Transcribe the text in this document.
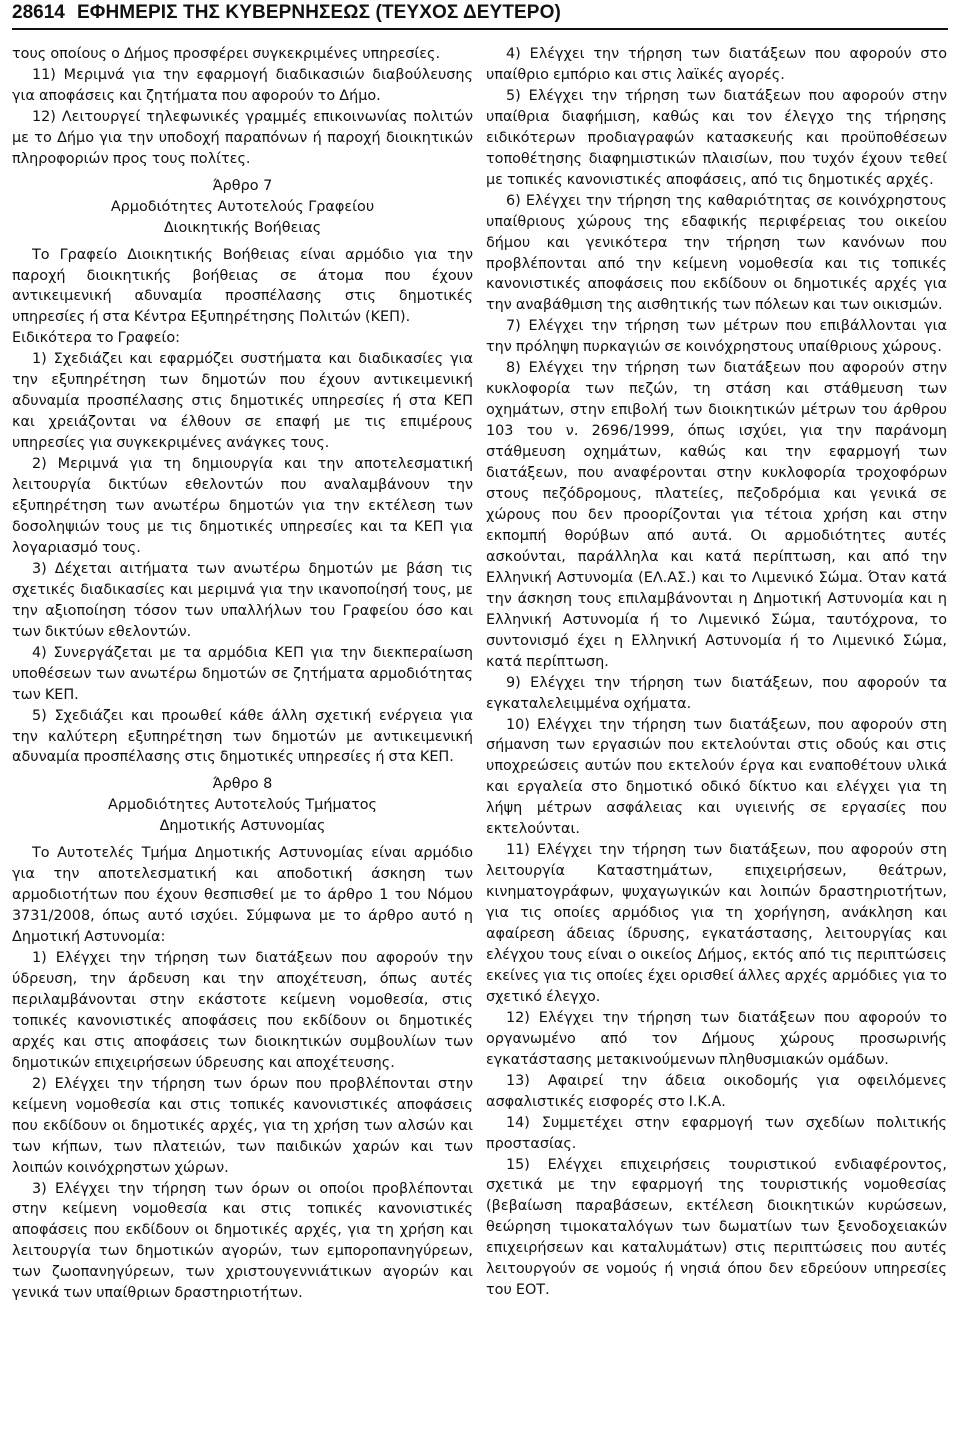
28614 ΕΦΗΜΕΡΙΣ ΤΗΣ ΚΥΒΕΡΝΗΣΕΩΣ (ΤΕΥΧΟΣ ΔΕΥΤΕΡΟ)

τους οποίους ο Δήμος προσφέρει συγκεκριμένες υπηρεσίες.

11) Μεριμνά για την εφαρμογή διαδικασιών διαβούλευσης για αποφάσεις και ζητήματα που αφορούν το Δήμο.

12) Λειτουργεί τηλεφωνικές γραμμές επικοινωνίας πολιτών με το Δήμο για την υποδοχή παραπόνων ή παροχή διοικητικών πληροφοριών προς τους πολίτες.

Άρθρο 7

Αρμοδιότητες Αυτοτελούς Γραφείου

Διοικητικής Βοήθειας

Το Γραφείο Διοικητικής Βοήθειας είναι αρμόδιο για την παροχή διοικητικής βοήθειας σε άτομα που έχουν αντικειμενική αδυναμία προσπέλασης στις δημοτικές υπηρεσίες ή στα Κέντρα Εξυπηρέτησης Πολιτών (ΚΕΠ).

Ειδικότερα το Γραφείο:

1) Σχεδιάζει και εφαρμόζει συστήματα και διαδικασίες για την εξυπηρέτηση των δημοτών που έχουν αντικειμενική αδυναμία προσπέλασης στις δημοτικές υπηρεσίες ή στα ΚΕΠ και χρειάζονται να έλθουν σε επαφή με τις επιμέρους υπηρεσίες για συγκεκριμένες ανάγκες τους.

2) Μεριμνά για τη δημιουργία και την αποτελεσματική λειτουργία δικτύων εθελοντών που αναλαμβάνουν την εξυπηρέτηση των ανωτέρω δημοτών για την εκτέλεση των δοσοληψιών τους με τις δημοτικές υπηρεσίες και τα ΚΕΠ για λογαριασμό τους.

3) Δέχεται αιτήματα των ανωτέρω δημοτών με βάση τις σχετικές διαδικασίες και μεριμνά για την ικανοποίησή τους, με την αξιοποίηση τόσον των υπαλλήλων του Γραφείου όσο και των δικτύων εθελοντών.

4) Συνεργάζεται με τα αρμόδια ΚΕΠ για την διεκπεραίωση υποθέσεων των ανωτέρω δημοτών σε ζητήματα αρμοδιότητας των ΚΕΠ.

5) Σχεδιάζει και προωθεί κάθε άλλη σχετική ενέργεια για την καλύτερη εξυπηρέτηση των δημοτών με αντικειμενική αδυναμία προσπέλασης στις δημοτικές υπηρεσίες ή στα ΚΕΠ.

Άρθρο 8

Αρμοδιότητες Αυτοτελούς Τμήματος

Δημοτικής Αστυνομίας

Το Αυτοτελές Τμήμα Δημοτικής Αστυνομίας είναι αρμόδιο για την αποτελεσματική και αποδοτική άσκηση των αρμοδιοτήτων που έχουν θεσπισθεί με το άρθρο 1 του Νόμου 3731/2008, όπως αυτό ισχύει. Σύμφωνα με το άρθρο αυτό η Δημοτική Αστυνομία:

1) Ελέγχει την τήρηση των διατάξεων που αφορούν την ύδρευση, την άρδευση και την αποχέτευση, όπως αυτές περιλαμβάνονται στην εκάστοτε κείμενη νομοθεσία, στις τοπικές κανονιστικές αποφάσεις που εκδίδουν οι δημοτικές αρχές και στις αποφάσεις των διοικητικών συμβουλίων των δημοτικών επιχειρήσεων ύδρευσης και αποχέτευσης.

2) Ελέγχει την τήρηση των όρων που προβλέπονται στην κείμενη νομοθεσία και στις τοπικές κανονιστικές αποφάσεις που εκδίδουν οι δημοτικές αρχές, για τη χρήση των αλσών και των κήπων, των πλατειών, των παιδικών χαρών και των λοιπών κοινόχρηστων χώρων.

3) Ελέγχει την τήρηση των όρων οι οποίοι προβλέπονται στην κείμενη νομοθεσία και στις τοπικές κανονιστικές αποφάσεις που εκδίδουν οι δημοτικές αρχές, για τη χρήση και λειτουργία των δημοτικών αγορών, των εμποροπανηγύρεων, των ζωοπανηγύρεων, των χριστουγεννιάτικων αγορών και γενικά των υπαίθριων δραστηριοτήτων.

4) Ελέγχει την τήρηση των διατάξεων που αφορούν στο υπαίθριο εμπόριο και στις λαϊκές αγορές.

5) Ελέγχει την τήρηση των διατάξεων που αφορούν στην υπαίθρια διαφήμιση, καθώς και τον έλεγχο της τήρησης ειδικότερων προδιαγραφών κατασκευής και προϋποθέσεων τοποθέτησης διαφημιστικών πλαισίων, που τυχόν έχουν τεθεί με τοπικές κανονιστικές αποφάσεις, από τις δημοτικές αρχές.

6) Ελέγχει την τήρηση της καθαριότητας σε κοινόχρηστους υπαίθριους χώρους της εδαφικής περιφέρειας του οικείου δήμου και γενικότερα την τήρηση των κανόνων που προβλέπονται από την κείμενη νομοθεσία και τις τοπικές κανονιστικές αποφάσεις που εκδίδουν οι δημοτικές αρχές για την αναβάθμιση της αισθητικής των πόλεων και των οικισμών.

7) Ελέγχει την τήρηση των μέτρων που επιβάλλονται για την πρόληψη πυρκαγιών σε κοινόχρηστους υπαίθριους χώρους.

8) Ελέγχει την τήρηση των διατάξεων που αφορούν στην κυκλοφορία των πεζών, τη στάση και στάθμευση των οχημάτων, στην επιβολή των διοικητικών μέτρων του άρθρου 103 του ν. 2696/1999, όπως ισχύει, για την παράνομη στάθμευση οχημάτων, καθώς και την εφαρμογή των διατάξεων, που αναφέρονται στην κυκλοφορία τροχοφόρων στους πεζόδρομους, πλατείες, πεζοδρόμια και γενικά σε χώρους που δεν προορίζονται για τέτοια χρήση και στην εκπομπή θορύβων από αυτά. Οι αρμοδιότητες αυτές ασκούνται, παράλληλα και κατά περίπτωση, και από την Ελληνική Αστυνομία (ΕΛ.ΑΣ.) και το Λιμενικό Σώμα. Όταν κατά την άσκηση τους επιλαμβάνονται η Δημοτική Αστυνομία και η Ελληνική Αστυνομία ή το Λιμενικό Σώμα, ταυτόχρονα, το συντονισμό έχει η Ελληνική Αστυνομία ή το Λιμενικό Σώμα, κατά περίπτωση.

9) Ελέγχει την τήρηση των διατάξεων, που αφορούν τα εγκαταλελειμμένα οχήματα.

10) Ελέγχει την τήρηση των διατάξεων, που αφορούν στη σήμανση των εργασιών που εκτελούνται στις οδούς και στις υποχρεώσεις αυτών που εκτελούν έργα και εναποθέτουν υλικά και εργαλεία στο δημοτικό οδικό δίκτυο και ελέγχει για τη λήψη μέτρων ασφάλειας και υγιεινής σε εργασίες που εκτελούνται.

11) Ελέγχει την τήρηση των διατάξεων, που αφορούν στη λειτουργία Καταστημάτων, επιχειρήσεων, θεάτρων, κινηματογράφων, ψυχαγωγικών και λοιπών δραστηριοτήτων, για τις οποίες αρμόδιος για τη χορήγηση, ανάκληση και αφαίρεση άδειας ίδρυσης, εγκατάστασης, λειτουργίας και ελέγχου τους είναι ο οικείος Δήμος, εκτός από τις περιπτώσεις εκείνες για τις οποίες έχει ορισθεί άλλες αρχές αρμόδιες για το σχετικό έλεγχο.

12) Ελέγχει την τήρηση των διατάξεων που αφορούν το οργανωμένο από τον Δήμους χώρους προσωρινής εγκατάστασης μετακινούμενων πληθυσμιακών ομάδων.

13) Αφαιρεί την άδεια οικοδομής για οφειλόμενες ασφαλιστικές εισφορές στο Ι.Κ.Α.

14) Συμμετέχει στην εφαρμογή των σχεδίων πολιτικής προστασίας.

15) Ελέγχει επιχειρήσεις τουριστικού ενδιαφέροντος, σχετικά με την εφαρμογή της τουριστικής νομοθεσίας (βεβαίωση παραβάσεων, εκτέλεση διοικητικών κυρώσεων, θεώρηση τιμοκαταλόγων των δωματίων των ξενοδοχειακών επιχειρήσεων και καταλυμάτων) στις περιπτώσεις που αυτές λειτουργούν σε νομούς ή νησιά όπου δεν εδρεύουν υπηρεσίες του ΕΟΤ.
